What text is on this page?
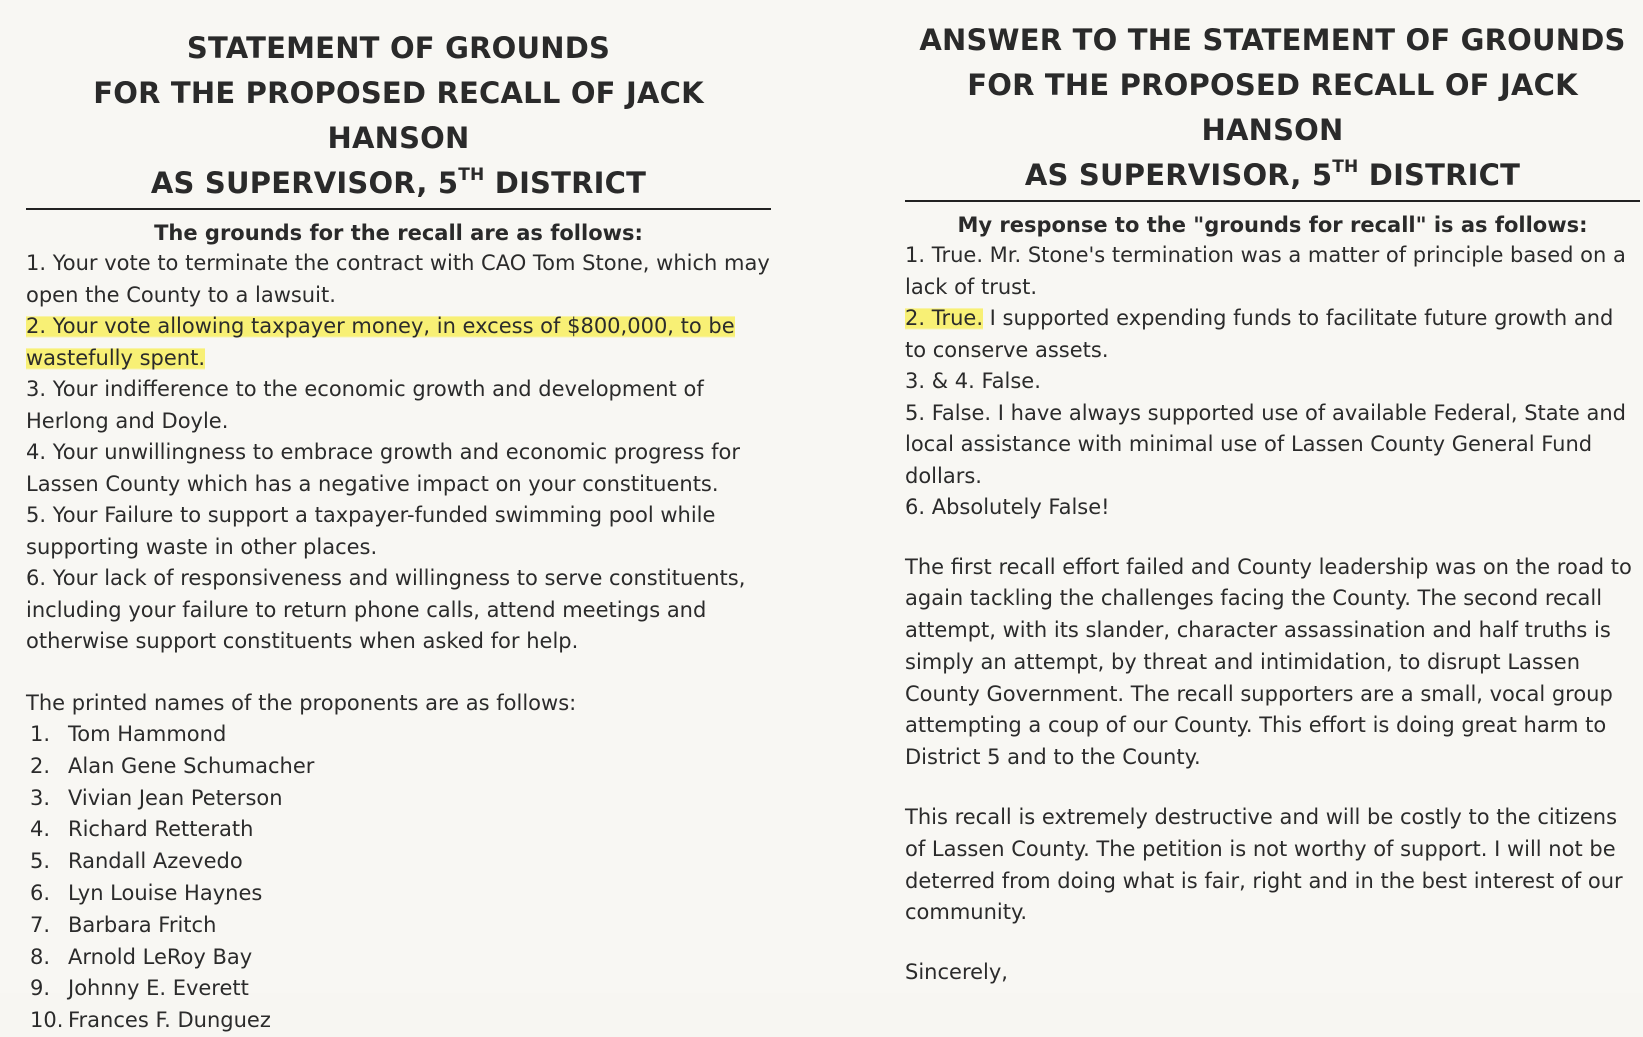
STATEMENT OF GROUNDS
FOR THE PROPOSED RECALL OF JACK HANSON
AS SUPERVISOR, 5TH DISTRICT
The grounds for the recall are as follows:

1. Your vote to terminate the contract with CAO Tom Stone, which may open the County to a lawsuit.

2. Your vote allowing taxpayer money, in excess of $800,000, to be wastefully spent.

3. Your indifference to the economic growth and development of Herlong and Doyle.

4. Your unwillingness to embrace growth and economic progress for Lassen County which has a negative impact on your constituents.

5. Your Failure to support a taxpayer-funded swimming pool while supporting waste in other places.

6. Your lack of responsiveness and willingness to serve constituents, including your failure to return phone calls, attend meetings and otherwise support constituents when asked for help.

The printed names of the proponents are as follows:
1. Tom Hammond
2. Alan Gene Schumacher
3. Vivian Jean Peterson
4. Richard Retterath
5. Randall Azevedo
6. Lyn Louise Haynes
7. Barbara Fritch
8. Arnold LeRoy Bay
9. Johnny E. Everett
10. Frances F. Dunguez
ANSWER TO THE STATEMENT OF GROUNDS
FOR THE PROPOSED RECALL OF JACK HANSON
AS SUPERVISOR, 5TH DISTRICT
My response to the "grounds for recall" is as follows:

1. True. Mr. Stone's termination was a matter of principle based on a lack of trust.

2. True. I supported expending funds to facilitate future growth and to conserve assets.

3. & 4. False.

5. False. I have always supported use of available Federal, State and local assistance with minimal use of Lassen County General Fund dollars.

6. Absolutely False!

The first recall effort failed and County leadership was on the road to again tackling the challenges facing the County. The second recall attempt, with its slander, character assassination and half truths is simply an attempt, by threat and intimidation, to disrupt Lassen County Government. The recall supporters are a small, vocal group attempting a coup of our County. This effort is doing great harm to District 5 and to the County.

This recall is extremely destructive and will be costly to the citizens of Lassen County. The petition is not worthy of support. I will not be deterred from doing what is fair, right and in the best interest of our community.

Sincerely,
